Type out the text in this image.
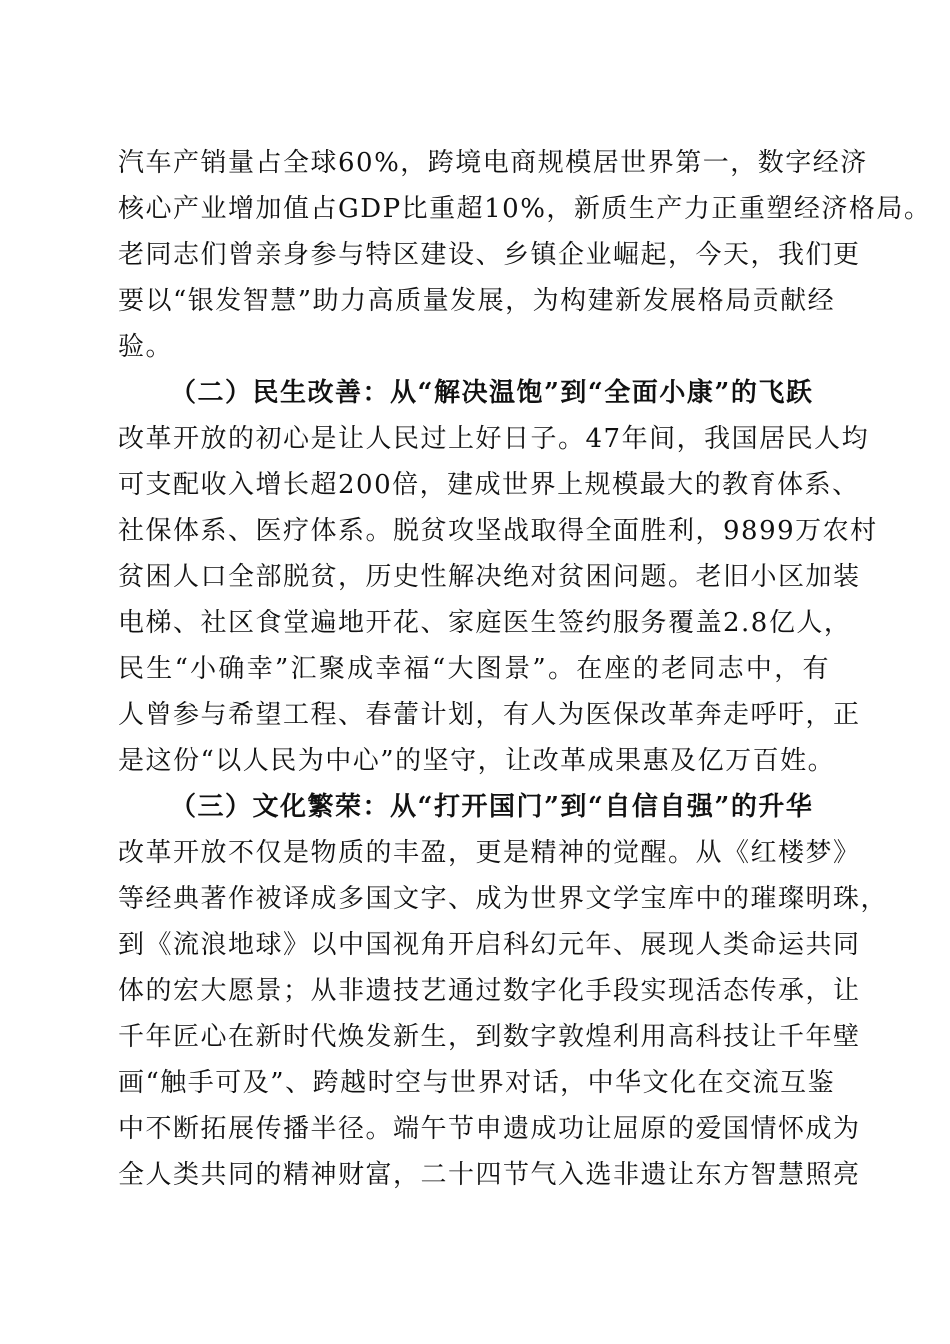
汽车产销量占全球60%，跨境电商规模居世界第一，数字经济
核心产业增加值占GDP比重超10%，新质生产力正重塑经济格局。
老同志们曾亲身参与特区建设、乡镇企业崛起，今天，我们更
要以“银发智慧”助力高质量发展，为构建新发展格局贡献经
验。
（二）民生改善：从“解决温饱”到“全面小康”的飞跃
改革开放的初心是让人民过上好日子。47年间，我国居民人均
可支配收入增长超200倍，建成世界上规模最大的教育体系、
社保体系、医疗体系。脱贫攻坚战取得全面胜利，9899万农村
贫困人口全部脱贫，历史性解决绝对贫困问题。老旧小区加装
电梯、社区食堂遍地开花、家庭医生签约服务覆盖2.8亿人，
民生“小确幸”汇聚成幸福“大图景”。在座的老同志中，有
人曾参与希望工程、春蕾计划，有人为医保改革奔走呼吁，正
是这份“以人民为中心”的坚守，让改革成果惠及亿万百姓。
（三）文化繁荣：从“打开国门”到“自信自强”的升华
改革开放不仅是物质的丰盈，更是精神的觉醒。从《红楼梦》
等经典著作被译成多国文字、成为世界文学宝库中的璀璨明珠，
到《流浪地球》以中国视角开启科幻元年、展现人类命运共同
体的宏大愿景；从非遗技艺通过数字化手段实现活态传承，让
千年匠心在新时代焕发新生，到数字敦煌利用高科技让千年壁
画“触手可及”、跨越时空与世界对话，中华文化在交流互鉴
中不断拓展传播半径。端午节申遗成功让屈原的爱国情怀成为
全人类共同的精神财富，二十四节气入选非遗让东方智慧照亮
